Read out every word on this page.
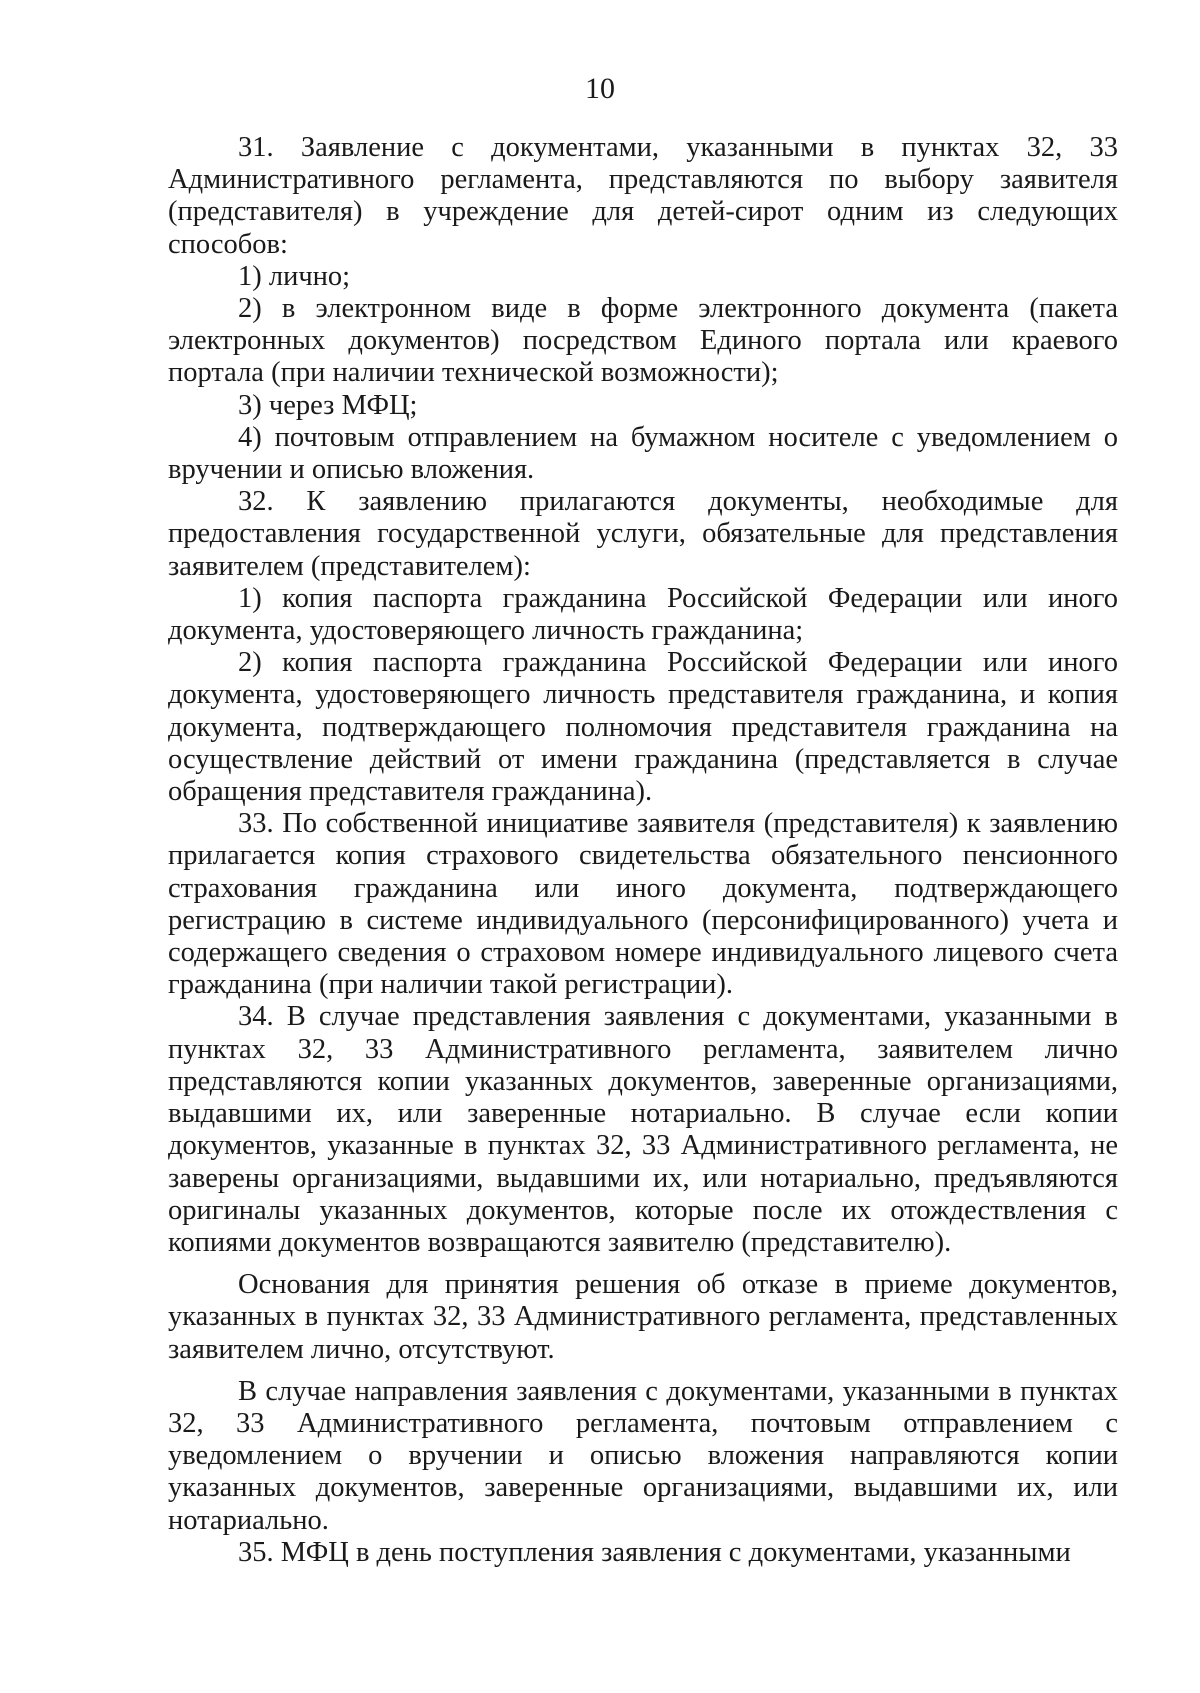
10

31. Заявление с документами, указанными в пунктах 32, 33 Административного регламента, представляются по выбору заявителя (представителя) в учреждение для детей-сирот одним из следующих способов:

1) лично;

2) в электронном виде в форме электронного документа (пакета электронных документов) посредством Единого портала или краевого портала (при наличии технической возможности);

3) через МФЦ;

4) почтовым отправлением на бумажном носителе с уведомлением о вручении и описью вложения.

32. К заявлению прилагаются документы, необходимые для предоставления государственной услуги, обязательные для представления заявителем (представителем):

1) копия паспорта гражданина Российской Федерации или иного документа, удостоверяющего личность гражданина;

2) копия паспорта гражданина Российской Федерации или иного документа, удостоверяющего личность представителя гражданина, и копия документа, подтверждающего полномочия представителя гражданина на осуществление действий от имени гражданина (представляется в случае обращения представителя гражданина).

33. По собственной инициативе заявителя (представителя) к заявлению прилагается копия страхового свидетельства обязательного пенсионного страхования гражданина или иного документа, подтверждающего регистрацию в системе индивидуального (персонифицированного) учета и содержащего сведения о страховом номере индивидуального лицевого счета гражданина (при наличии такой регистрации).

34. В случае представления заявления с документами, указанными в пунктах 32, 33 Административного регламента, заявителем лично представляются копии указанных документов, заверенные организациями, выдавшими их, или заверенные нотариально. В случае если копии документов, указанные в пунктах 32, 33 Административного регламента, не заверены организациями, выдавшими их, или нотариально, предъявляются оригиналы указанных документов, которые после их отождествления с копиями документов возвращаются заявителю (представителю).

Основания для принятия решения об отказе в приеме документов, указанных в пунктах 32, 33 Административного регламента, представленных заявителем лично, отсутствуют.

В случае направления заявления с документами, указанными в пунктах 32, 33 Административного регламента, почтовым отправлением с уведомлением о вручении и описью вложения направляются копии указанных документов, заверенные организациями, выдавшими их, или нотариально.

35. МФЦ в день поступления заявления с документами, указанными
